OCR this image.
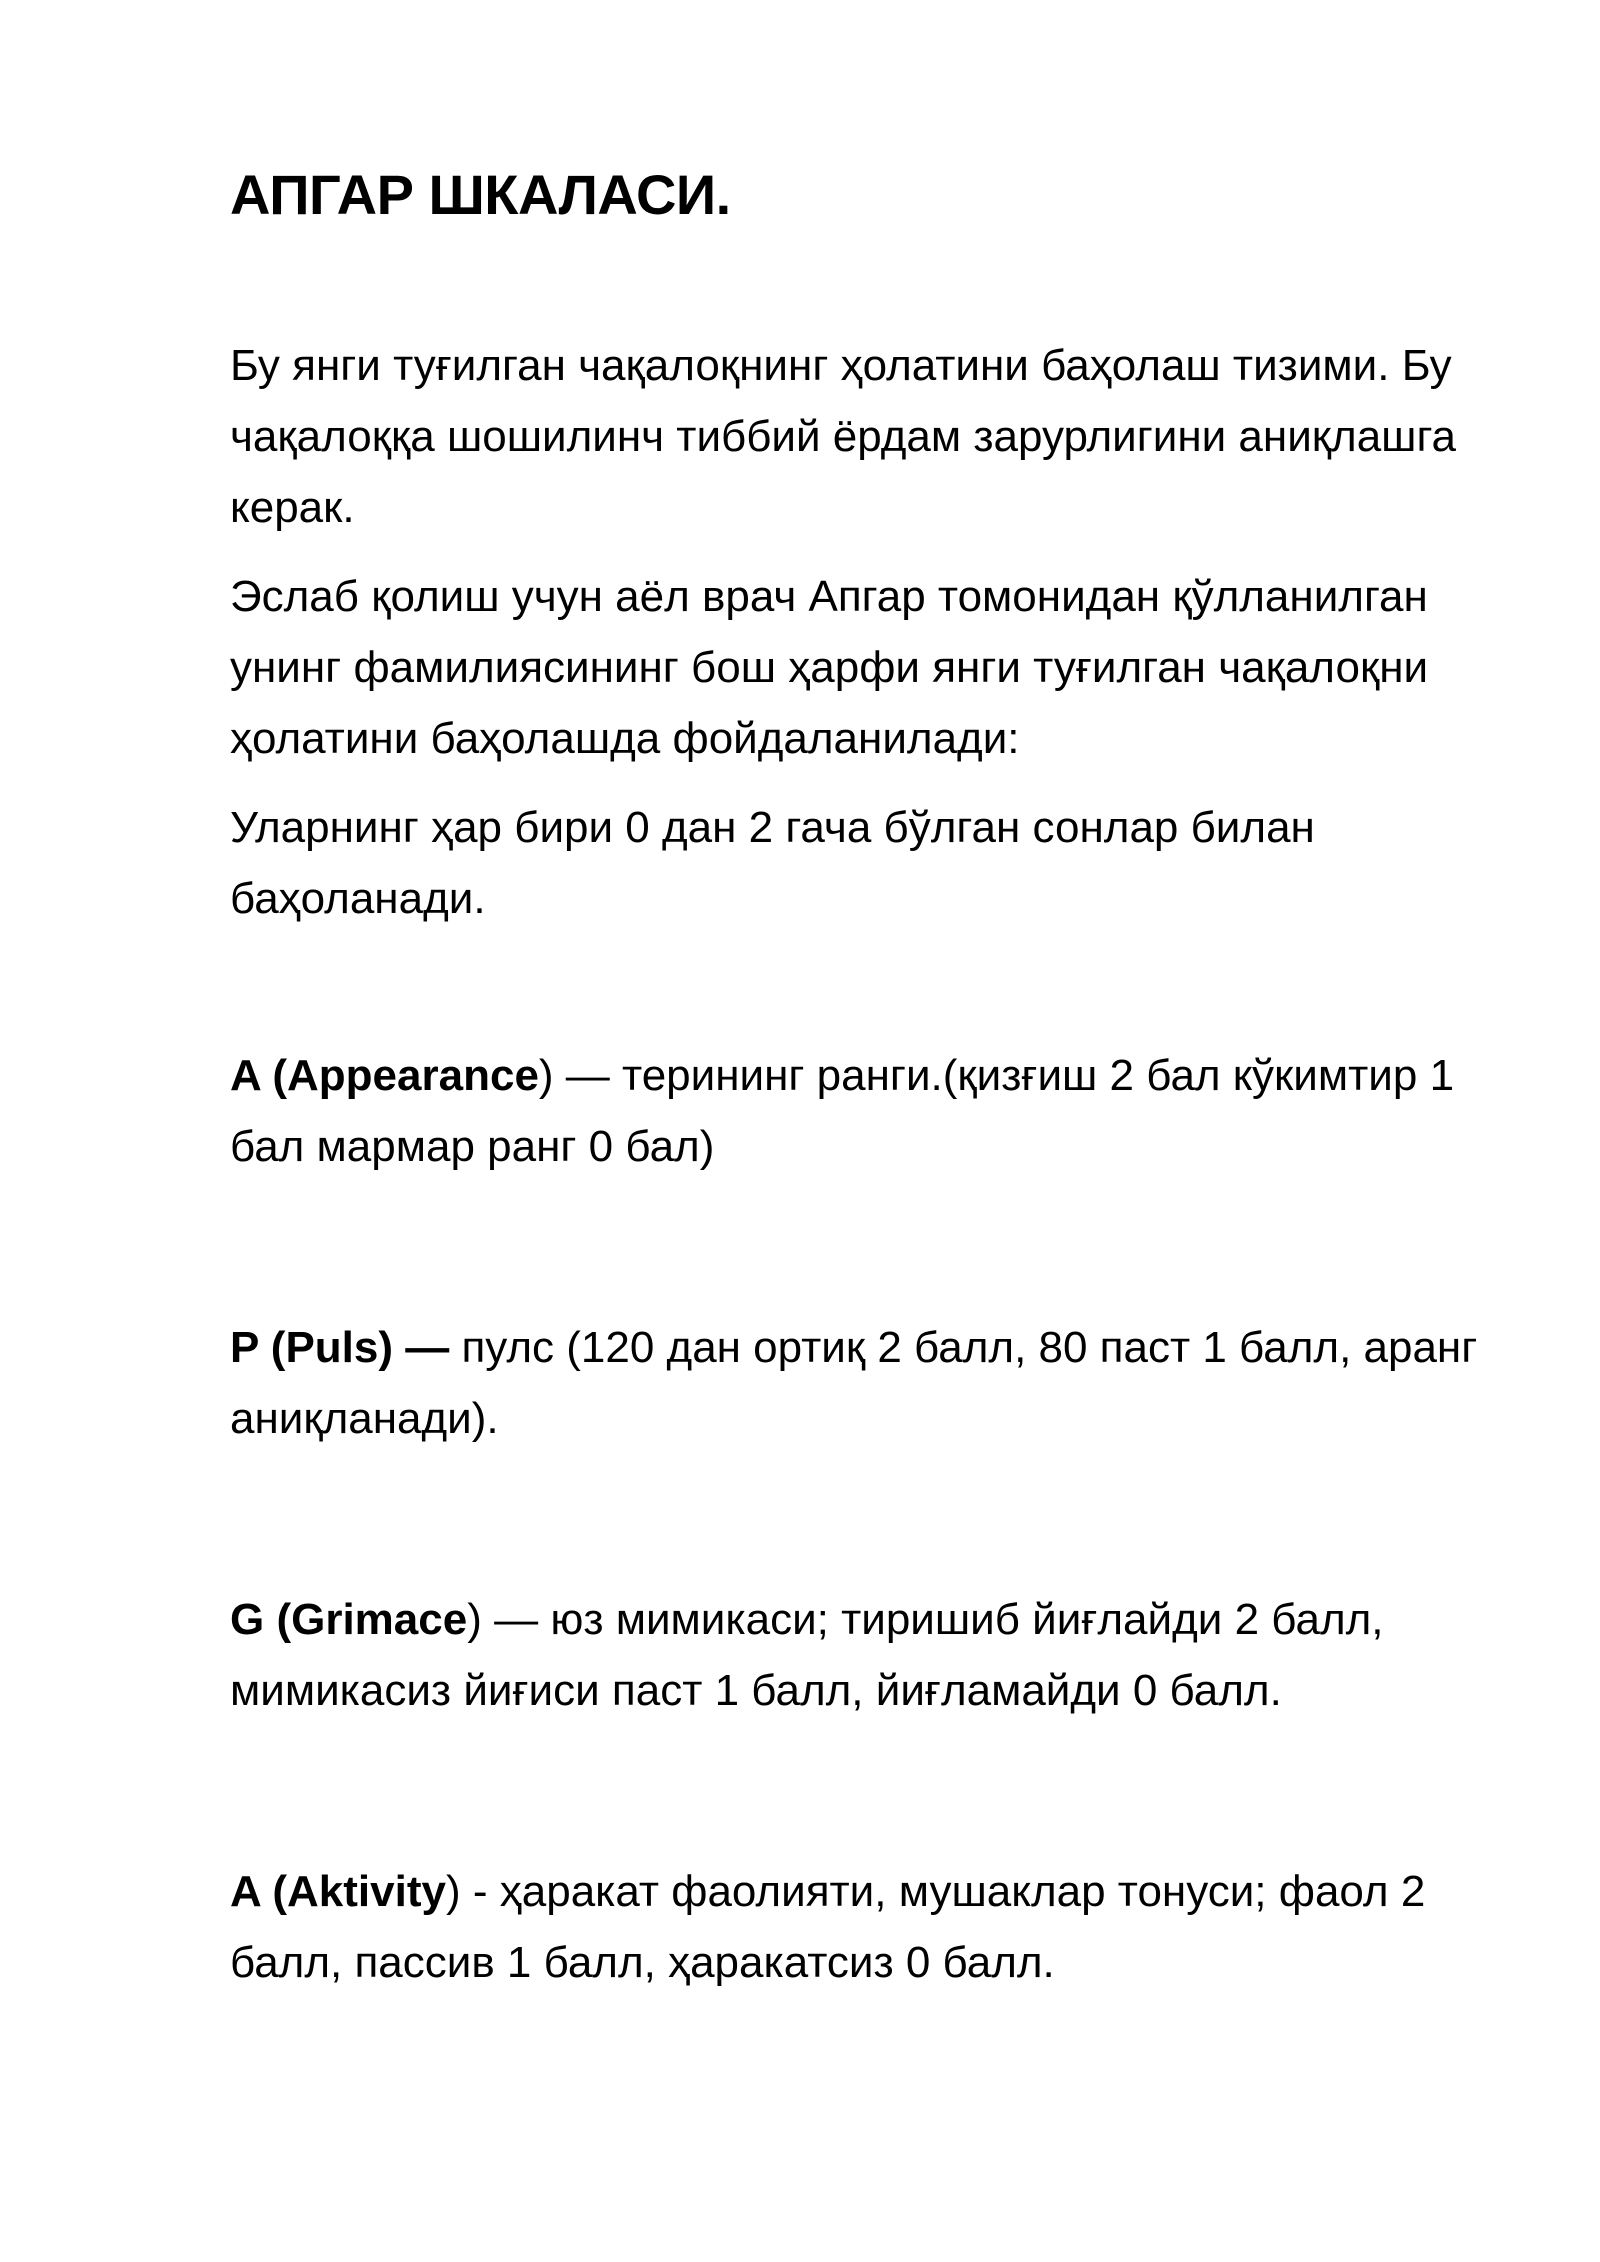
АПГАР ШКАЛАСИ.

Бу янги туғилган чақалоқнинг ҳолатини баҳолаш тизими. Бу чақалоққа шошилинч тиббий ёрдам зарурлигини аниқлашга керак.

Эслаб қолиш учун аёл врач Апгар томонидан қўлланилган унинг фамилиясининг бош ҳарфи янги туғилган чақалоқни ҳолатини баҳолашда фойдаланилади:

Уларнинг ҳар бири 0 дан 2 гача бўлган сонлар билан баҳоланади.

A (Appearance) — терининг ранги.(қизғиш 2 бал кўкимтир 1 бал мармар ранг 0 бал)

P (Puls) — пулс (120 дан ортиқ 2 балл, 80 паст 1 балл, аранг аниқланади).

G (Grimace) — юз мимикаси; тиришиб йиғлайди 2 балл, мимикасиз йиғиси паст 1 балл, йиғламайди 0 балл.

A (Aktivity) - ҳаракат фаолияти, мушаклар тонуси; фаол 2 балл, пассив 1 балл, ҳаракатсиз 0 балл.
